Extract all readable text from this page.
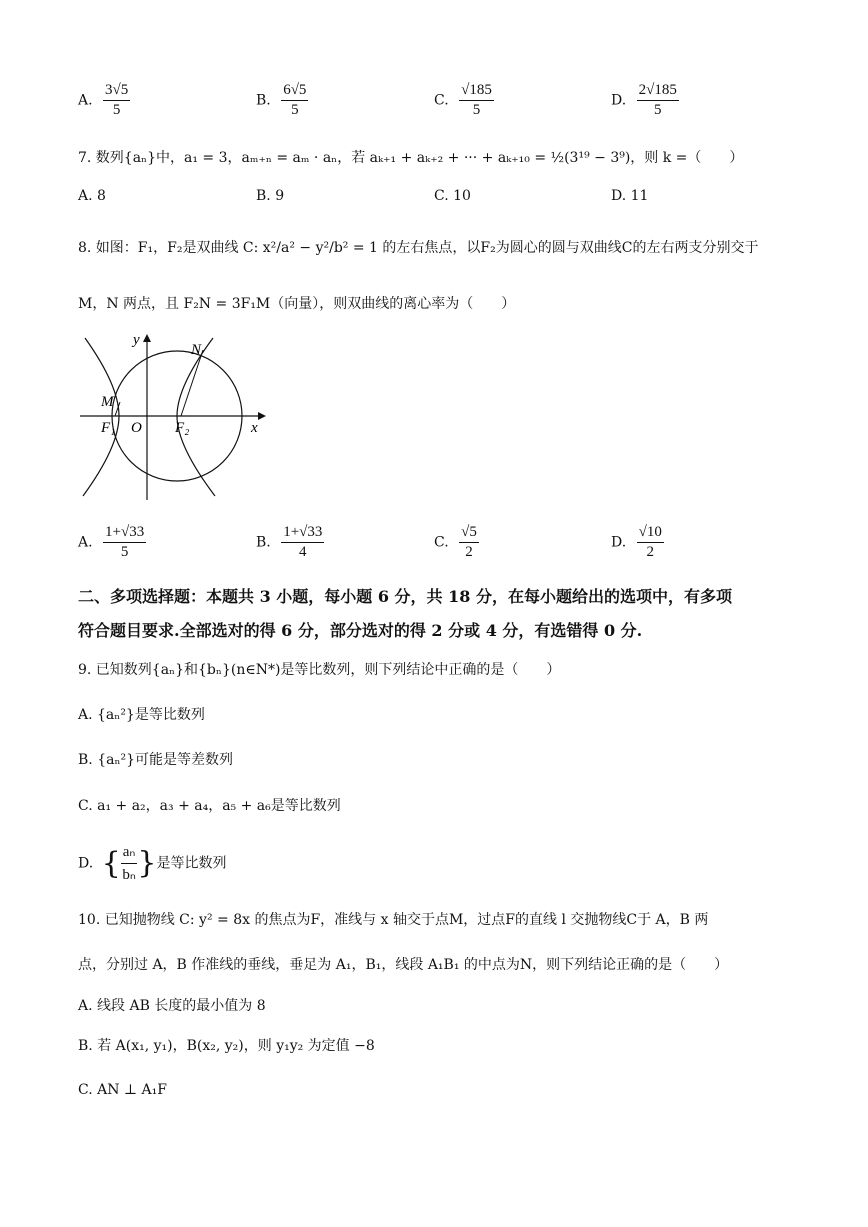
A. $\frac{3√5}{5}$	B. $\frac{6√5}{5}$	C. $\frac{√185}{5}$	D. $\frac{2√185}{5}$
7. 数列{aₙ}中，a₁ = 3，aₘ₊ₙ = aₘ · aₙ，若 aₖ₊₁ + aₖ₊₂ + ··· + aₖ₊₁₀ = ½(3¹⁹ − 3⁹)，则 k =（　　）
A. 8	B. 9	C. 10	D. 11
8. 如图：F₁，F₂是双曲线 C: x²/a² − y²/b² = 1 的左右焦点，以F₂为圆心的圆与双曲线C的左右两支分别交于
M，N 两点，且 F₂N = 3F₁M（向量），则双曲线的离心率为（　　）
y
x
N
M
F₁ O F₂
A. $\frac{1+√33}{5}$	B. $\frac{1+√33}{4}$	C. $\frac{√5}{2}$	D. $\frac{√10}{2}$
二、多项选择题：本题共 3 小题，每小题 6 分，共 18 分，在每小题给出的选项中，有多项
符合题目要求.全部选对的得 6 分，部分选对的得 2 分或 4 分，有选错得 0 分.
9. 已知数列{aₙ}和{bₙ}(n∈N*)是等比数列，则下列结论中正确的是（　　）
A. {aₙ²}是等比数列
B. {aₙ²}可能是等差数列
C. a₁ + a₂，a₃ + a₄，a₅ + a₆是等比数列
D. { $\frac{\text{aₙ}}{\text{bₙ}}$ }是等比数列
10. 已知抛物线 C: y² = 8x 的焦点为F，准线与 x 轴交于点M，过点F的直线 l 交抛物线C于 A，B 两
点，分别过 A，B 作准线的垂线，垂足为 A₁，B₁，线段 A₁B₁ 的中点为N，则下列结论正确的是（　　）
A. 线段 AB 长度的最小值为 8
B. 若 A(x₁, y₁)，B(x₂, y₂)，则 y₁y₂ 为定值 −8
C. AN ⊥ A₁F
